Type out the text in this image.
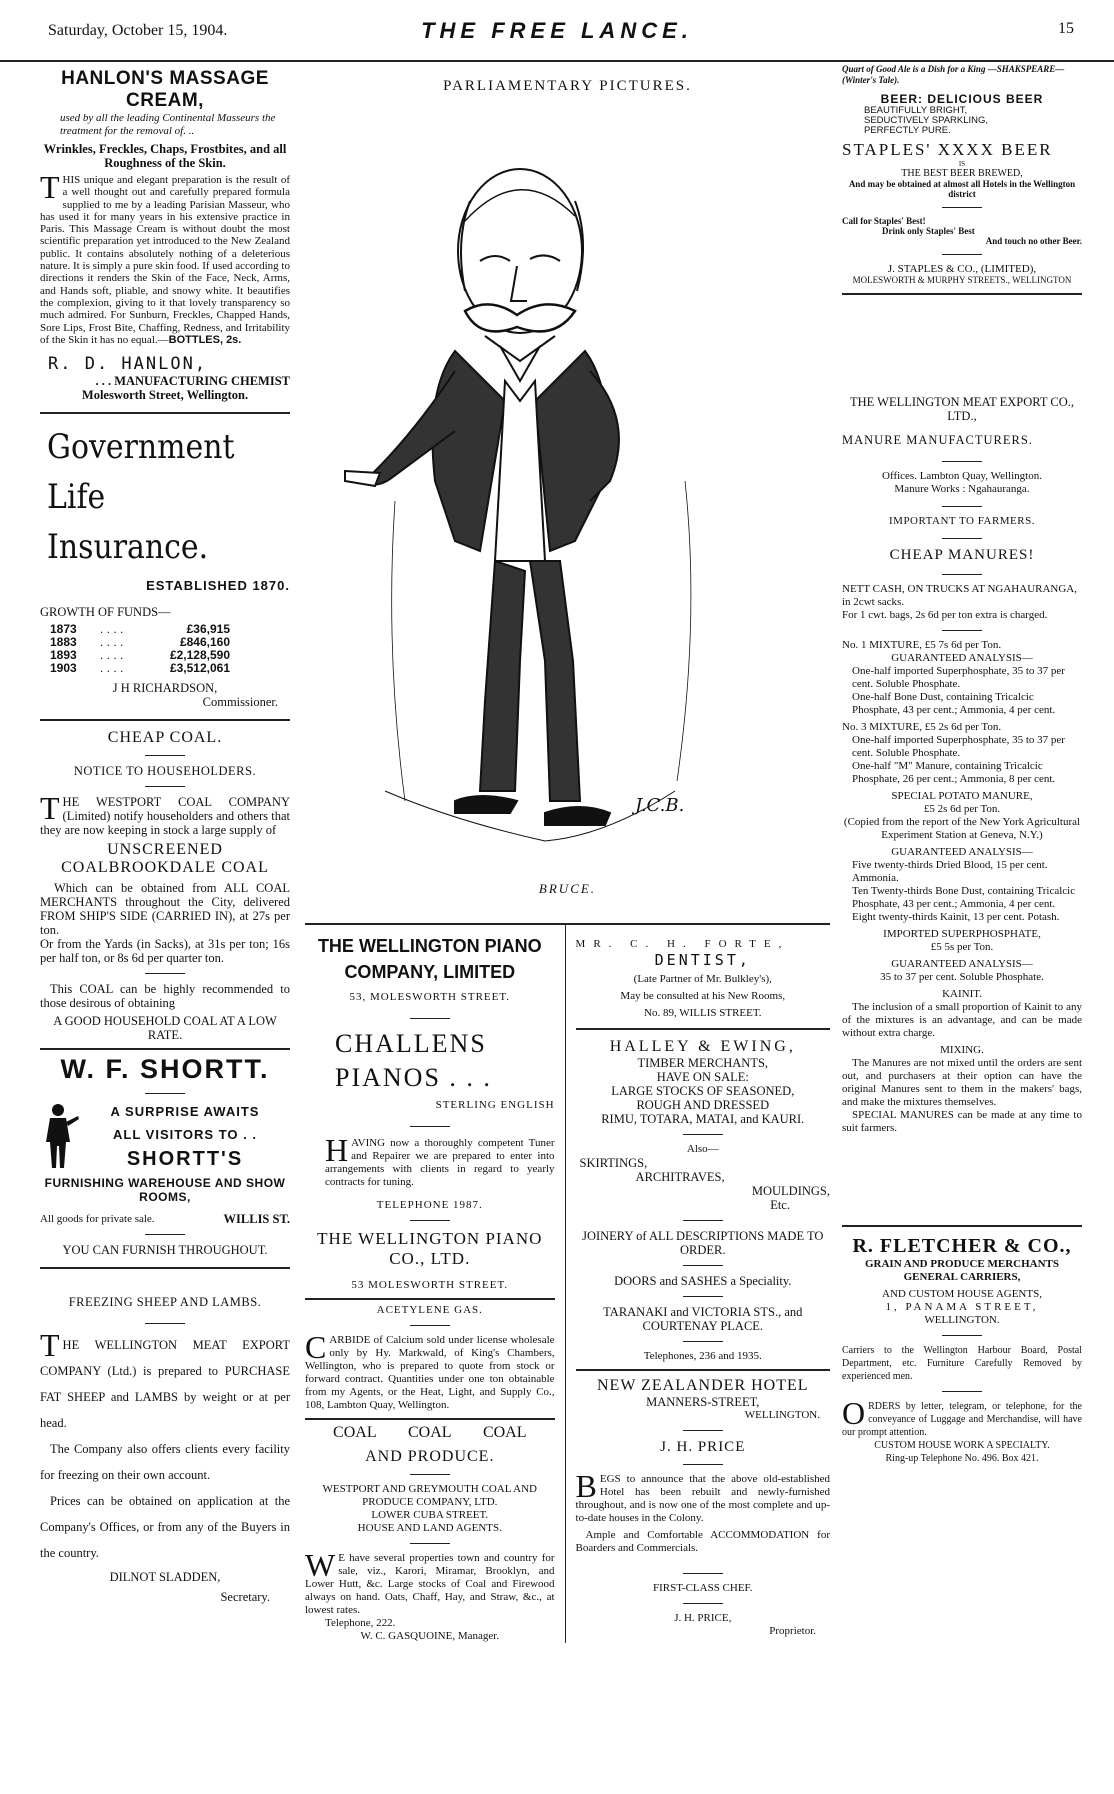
Saturday, October 15, 1904.	THE FREE LANCE.	15
HANLON'S MASSAGE CREAM,
used by all the leading Continental Masseurs the treatment for the removal of. ..
Wrinkles, Freckles, Chaps, Frostbites, and all Roughness of the Skin.
THIS unique and elegant preparation is the result of a well thought out and carefully prepared formula supplied to me by a leading Parisian Masseur, who has used it for many years in his extensive practice in Paris. This Massage Cream is without doubt the most scientific preparation yet introduced to the New Zealand public. It contains absolutely nothing of a deleterious nature. It is simply a pure skin food. If used according to directions it renders the Skin of the Face, Neck, Arms, and Hands soft, pliable, and snowy white. It beautifies the complexion, giving to it that lovely transparency so much admired. For Sunburn, Freckles, Chapped Hands, Sore Lips, Frost Bite, Chaffing, Redness, and Irritability of the Skin it has no equal.—BOTTLES, 2s.
R. D. HANLON,
. . . MANUFACTURING CHEMIST
Molesworth Street, Wellington.
Government
Life
Insurance.
ESTABLISHED 1870.
GROWTH OF FUNDS—
1873	. . . .	£36,915
1883	. . . .	£846,160
1893	. . . .	£2,128,590
1903	. . . .	£3,512,061
J H RICHARDSON,
Commissioner.
CHEAP COAL.
NOTICE TO HOUSEHOLDERS.
THE WESTPORT COAL COMPANY (Limited) notify householders and others that they are now keeping in stock a large supply of
UNSCREENED
COALBROOKDALE COAL
Which can be obtained from ALL COAL MERCHANTS throughout the City, delivered FROM SHIP'S SIDE (CARRIED IN), at 27s per ton.
Or from the Yards (in Sacks), at 31s per ton; 16s per half ton, or 8s 6d per quarter ton.
This COAL can be highly recommended to those desirous of obtaining
A GOOD HOUSEHOLD COAL AT A LOW RATE.
W. F. SHORTT.
A SURPRISE AWAITS
ALL VISITORS TO . .
SHORTT'S
FURNISHING WAREHOUSE AND SHOW ROOMS,
All goods for private sale.	WILLIS ST.
YOU CAN FURNISH THROUGHOUT.
FREEZING SHEEP AND LAMBS.
THE WELLINGTON MEAT EXPORT COMPANY (Ltd.) is prepared to PURCHASE FAT SHEEP and LAMBS by weight or at per head.
The Company also offers clients every facility for freezing on their own account.
Prices can be obtained on application at the Company's Offices, or from any of the Buyers in the country.
DILNOT SLADDEN,
Secretary.
PARLIAMENTARY PICTURES.
J.C.B.
BRUCE.
THE WELLINGTON PIANO COMPANY, LIMITED
53, MOLESWORTH STREET.
CHALLENS PIANOS . . .
STERLING ENGLISH
HAVING now a thoroughly competent Tuner and Repairer we are prepared to enter into arrangements with clients in regard to yearly contracts for tuning.
TELEPHONE 1987.
THE WELLINGTON PIANO CO., LTD.
53 MOLESWORTH STREET.
ACETYLENE GAS.
CARBIDE of Calcium sold under license wholesale only by Hy. Markwald, of King's Chambers, Wellington, who is prepared to quote from stock or forward contract. Quantities under one ton obtainable from my Agents, or the Heat, Light, and Supply Co., 108, Lambton Quay, Wellington.
COAL        COAL        COAL
AND PRODUCE.
WESTPORT AND GREYMOUTH COAL AND PRODUCE COMPANY, LTD.
LOWER CUBA STREET.
HOUSE AND LAND AGENTS.
WE have several properties town and country for sale, viz., Karori, Miramar, Brooklyn, and Lower Hutt, &c. Large stocks of Coal and Firewood always on hand. Oats, Chaff, Hay, and Straw, &c., at lowest rates.
Telephone, 222.
W. C. GASQUOINE, Manager.
MR. C. H. FORTE,
DENTIST,
(Late Partner of Mr. Bulkley's),
May be consulted at his New Rooms,
No. 89, WILLIS STREET.
HALLEY & EWING,
TIMBER MERCHANTS,
HAVE ON SALE:
LARGE STOCKS OF SEASONED,
ROUGH AND DRESSED
RIMU, TOTARA, MATAI, and KAURI.
Also—
SKIRTINGS,
ARCHITRAVES,
MOULDINGS,
Etc.
JOINERY of ALL DESCRIPTIONS MADE TO ORDER.
DOORS and SASHES a Speciality.
TARANAKI and VICTORIA STS., and COURTENAY PLACE.
Telephones, 236 and 1935.
NEW ZEALANDER HOTEL
MANNERS-STREET,
WELLINGTON.
J. H. PRICE
BEGS to announce that the above old-established Hotel has been rebuilt and newly-furnished throughout, and is now one of the most complete and up-to-date houses in the Colony.
Ample and Comfortable ACCOMMODATION for Boarders and Commercials.
FIRST-CLASS CHEF.
J. H. PRICE,
Proprietor.
Quart of Good Ale is a Dish for a King —SHAKSPEARE—(Winter's Tale).
BEER: DELICIOUS BEER
BEAUTIFULLY BRIGHT,
SEDUCTIVELY SPARKLING,
PERFECTLY PURE.
STAPLES' XXXX BEER
IS
THE BEST BEER BREWED,
And may be obtained at almost all Hotels in the Wellington district
Call for Staples' Best!
Drink only Staples' Best
And touch no other Beer.
J. STAPLES & CO., (LIMITED),
MOLESWORTH & MURPHY STREETS., WELLINGTON
THE WELLINGTON MEAT EXPORT CO., LTD.,
MANURE MANUFACTURERS.
Offices. Lambton Quay, Wellington.
Manure Works : Ngahauranga.
IMPORTANT TO FARMERS.
CHEAP MANURES!
NETT CASH, ON TRUCKS AT NGAHAURANGA, in 2cwt sacks.
For 1 cwt. bags, 2s 6d per ton extra is charged.
No. 1 MIXTURE, £5 7s 6d per Ton.
GUARANTEED ANALYSIS—
One-half imported Superphosphate, 35 to 37 per cent. Soluble Phosphate.
One-half Bone Dust, containing Tricalcic Phosphate, 43 per cent.; Ammonia, 4 per cent.
No. 3 MIXTURE, £5 2s 6d per Ton.
One-half imported Superphosphate, 35 to 37 per cent. Soluble Phosphate.
One-half "M" Manure, containing Tricalcic Phosphate, 26 per cent.; Ammonia, 8 per cent.
SPECIAL POTATO MANURE,
£5 2s 6d per Ton.
(Copied from the report of the New York Agricultural Experiment Station at Geneva, N.Y.)
GUARANTEED ANALYSIS—
Five twenty-thirds Dried Blood, 15 per cent. Ammonia.
Ten Twenty-thirds Bone Dust, containing Tricalcic Phosphate, 43 per cent.; Ammonia, 4 per cent.
Eight twenty-thirds Kainit, 13 per cent. Potash.
IMPORTED SUPERPHOSPHATE,
£5 5s per Ton.
GUARANTEED ANALYSIS—
35 to 37 per cent. Soluble Phosphate.
KAINIT.
The inclusion of a small proportion of Kainit to any of the mixtures is an advantage, and can be made without extra charge.
MIXING.
The Manures are not mixed until the orders are sent out, and purchasers at their option can have the original Manures sent to them in the makers' bags, and make the mixtures themselves.
SPECIAL MANURES can be made at any time to suit farmers.
R. FLETCHER & CO.,
GRAIN AND PRODUCE MERCHANTS GENERAL CARRIERS,
AND CUSTOM HOUSE AGENTS,
1, PANAMA STREET,
WELLINGTON.
Carriers to the Wellington Harbour Board, Postal Department, etc. Furniture Carefully Removed by experienced men.
ORDERS by letter, telegram, or telephone, for the conveyance of Luggage and Merchandise, will have our prompt attention.
CUSTOM HOUSE WORK A SPECIALTY.
Ring-up Telephone No. 496. Box 421.
